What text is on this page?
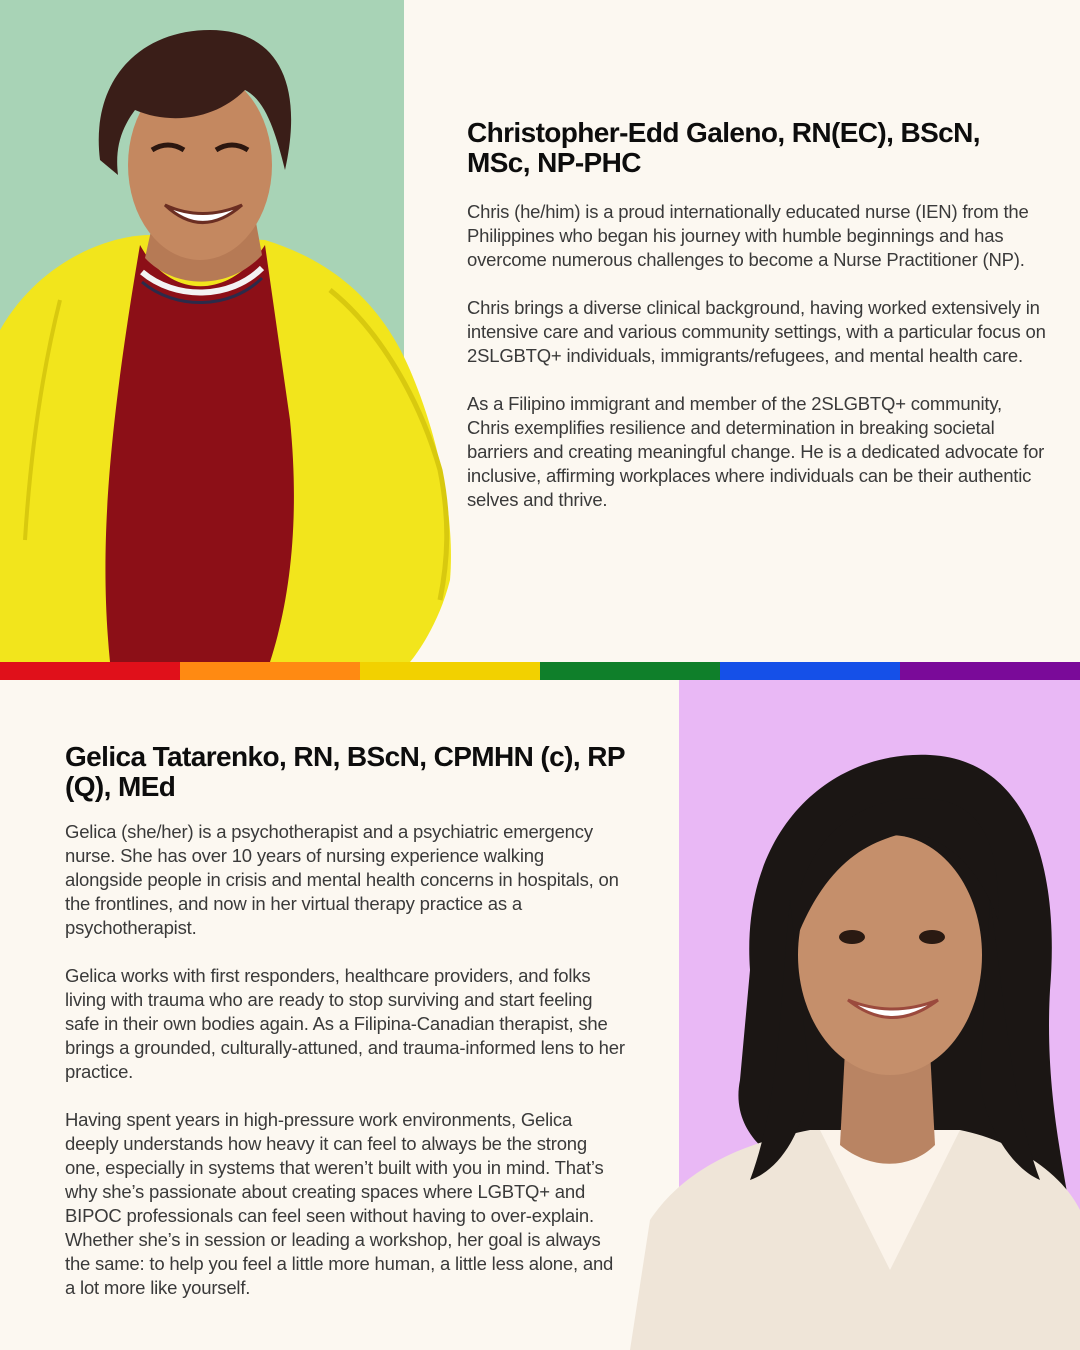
Christopher-Edd Galeno, RN(EC), BScN, MSc, NP-PHC

Chris (he/him) is a proud internationally educated nurse (IEN) from the Philippines who began his journey with humble beginnings and has overcome numerous challenges to become a Nurse Practitioner (NP).

Chris brings a diverse clinical background, having worked extensively in intensive care and various community settings, with a particular focus on 2SLGBTQ+ individuals, immigrants/refugees, and mental health care.

As a Filipino immigrant and member of the 2SLGBTQ+ community, Chris exemplifies resilience and determination in breaking societal barriers and creating meaningful change. He is a dedicated advocate for inclusive, affirming workplaces where individuals can be their authentic selves and thrive.

Gelica Tatarenko, RN, BScN, CPMHN (c), RP (Q), MEd

Gelica (she/her) is a psychotherapist and a psychiatric emergency nurse. She has over 10 years of nursing experience walking alongside people in crisis and mental health concerns in hospitals, on the frontlines, and now in her virtual therapy practice as a psychotherapist.

Gelica works with first responders, healthcare providers, and folks living with trauma who are ready to stop surviving and start feeling safe in their own bodies again. As a Filipina-Canadian therapist, she brings a grounded, culturally-attuned, and trauma-informed lens to her practice.

Having spent years in high-pressure work environments, Gelica deeply understands how heavy it can feel to always be the strong one, especially in systems that weren’t built with you in mind. That’s why she’s passionate about creating spaces where LGBTQ+ and BIPOC professionals can feel seen without having to over-explain. Whether she’s in session or leading a workshop, her goal is always the same: to help you feel a little more human, a little less alone, and a lot more like yourself.
